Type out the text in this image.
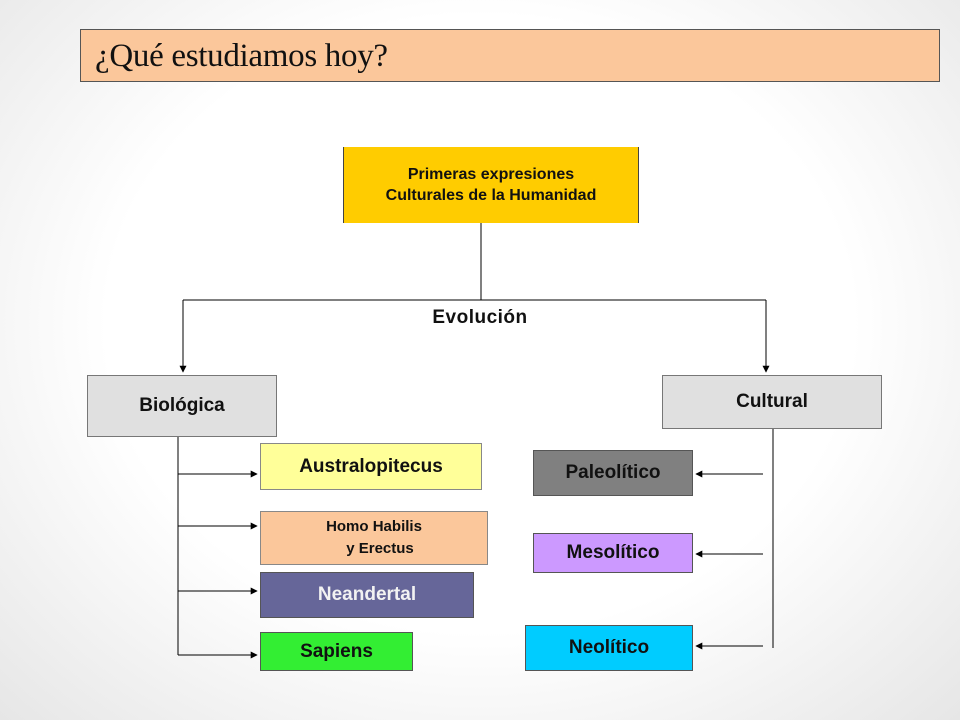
¿Qué estudiamos hoy?
Primeras expresiones
Culturales de la Humanidad
Evolución
Biológica	Cultural
Australopitecus
Homo Habilis
y Erectus
Neandertal
Sapiens
Paleolítico
Mesolítico
Neolítico
